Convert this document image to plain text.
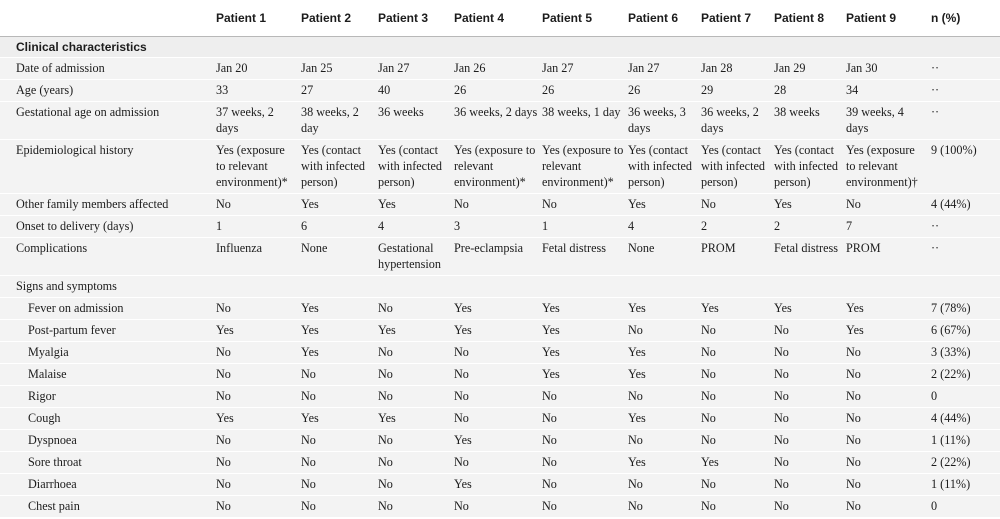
	Patient 1	Patient 2	Patient 3	Patient 4	Patient 5	Patient 6	Patient 7	Patient 8	Patient 9	n (%)
Clinical characteristics										
Date of admission	Jan 20	Jan 25	Jan 27	Jan 26	Jan 27	Jan 27	Jan 28	Jan 29	Jan 30	··
Age (years)	33	27	40	26	26	26	29	28	34	··
Gestational age on admission	37 weeks, 2 days	38 weeks, 2 day	36 weeks	36 weeks, 2 days	38 weeks, 1 day	36 weeks, 3 days	36 weeks, 2 days	38 weeks	39 weeks, 4 days	··
Epidemiological history	Yes (exposure to relevant environment)*	Yes (contact with infected person)	Yes (contact with infected person)	Yes (exposure to relevant environment)*	Yes (exposure to relevant environment)*	Yes (contact with infected person)	Yes (contact with infected person)	Yes (contact with infected person)	Yes (exposure to relevant environment)†	9 (100%)
Other family members affected	No	Yes	Yes	No	No	Yes	No	Yes	No	4 (44%)
Onset to delivery (days)	1	6	4	3	1	4	2	2	7	··
Complications	Influenza	None	Gestational hypertension	Pre-eclampsia	Fetal distress	None	PROM	Fetal distress	PROM	··
Signs and symptoms										
Fever on admission	No	Yes	No	Yes	Yes	Yes	Yes	Yes	Yes	7 (78%)
Post-partum fever	Yes	Yes	Yes	Yes	Yes	No	No	No	Yes	6 (67%)
Myalgia	No	Yes	No	No	Yes	Yes	No	No	No	3 (33%)
Malaise	No	No	No	No	Yes	Yes	No	No	No	2 (22%)
Rigor	No	No	No	No	No	No	No	No	No	0
Cough	Yes	Yes	Yes	No	No	Yes	No	No	No	4 (44%)
Dyspnoea	No	No	No	Yes	No	No	No	No	No	1 (11%)
Sore throat	No	No	No	No	No	Yes	Yes	No	No	2 (22%)
Diarrhoea	No	No	No	Yes	No	No	No	No	No	1 (11%)
Chest pain	No	No	No	No	No	No	No	No	No	0
